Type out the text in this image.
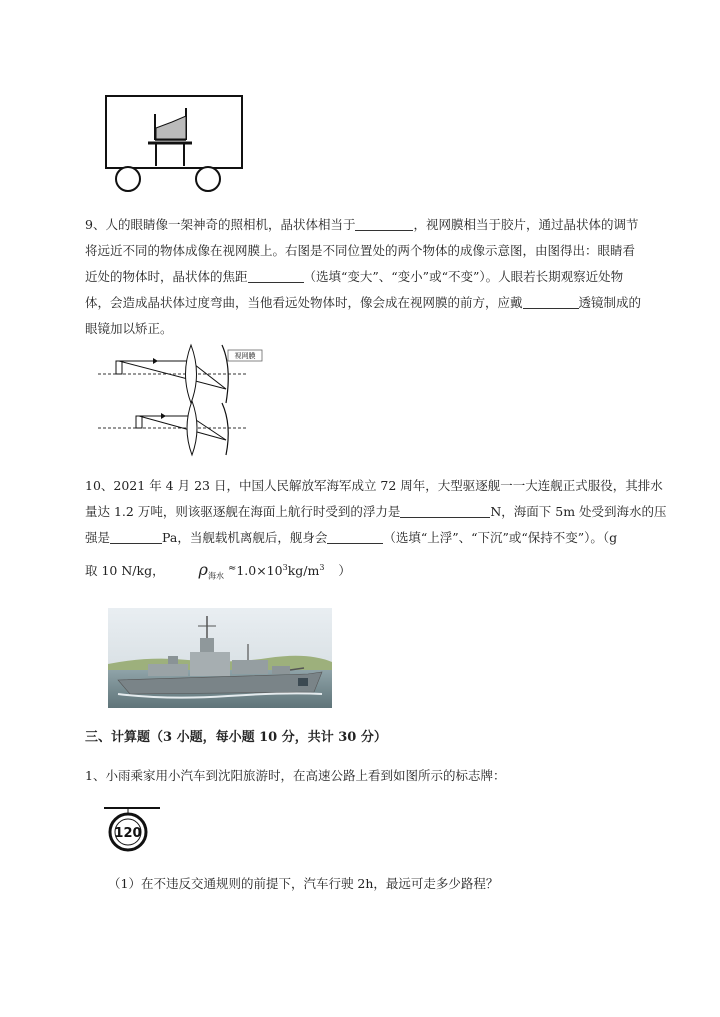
9、人的眼睛像一架神奇的照相机，晶状体相当于	，视网膜相当于胶片，通过晶状体的调节
将远近不同的物体成像在视网膜上。右图是不同位置处的两个物体的成像示意图，由图得出：眼睛看
近处的物体时，晶状体的焦距	（选填“变大”、“变小”或“不变”）。人眼若长期观察近处物
体，会造成晶状体过度弯曲，当他看远处物体时，像会成在视网膜的前方，应戴	透镜制成的
眼镜加以矫正。
视网膜
10、2021 年 4 月 23 日，中国人民解放军海军成立 72 周年，大型驱逐舰一一大连舰正式服役，其排水
量达 1.2 万吨，则该驱逐舰在海面上航行时受到的浮力是	N，海面下 5m 处受到海水的压
强是	Pa，当舰载机离舰后，舰身会	（选填“上浮”、“下沉”或“保持不变”）。（g
取 10 N/kg， $\rho_{海水}$ $^\approx 1.0\times 10^3kg/m^3$ ）
三、计算题（3 小题，每小题 10 分，共计 30 分）
1、小雨乘家用小汽车到沈阳旅游时，在高速公路上看到如图所示的标志牌：
120
（1）在不违反交通规则的前提下，汽车行驶 2h，最远可走多少路程？
